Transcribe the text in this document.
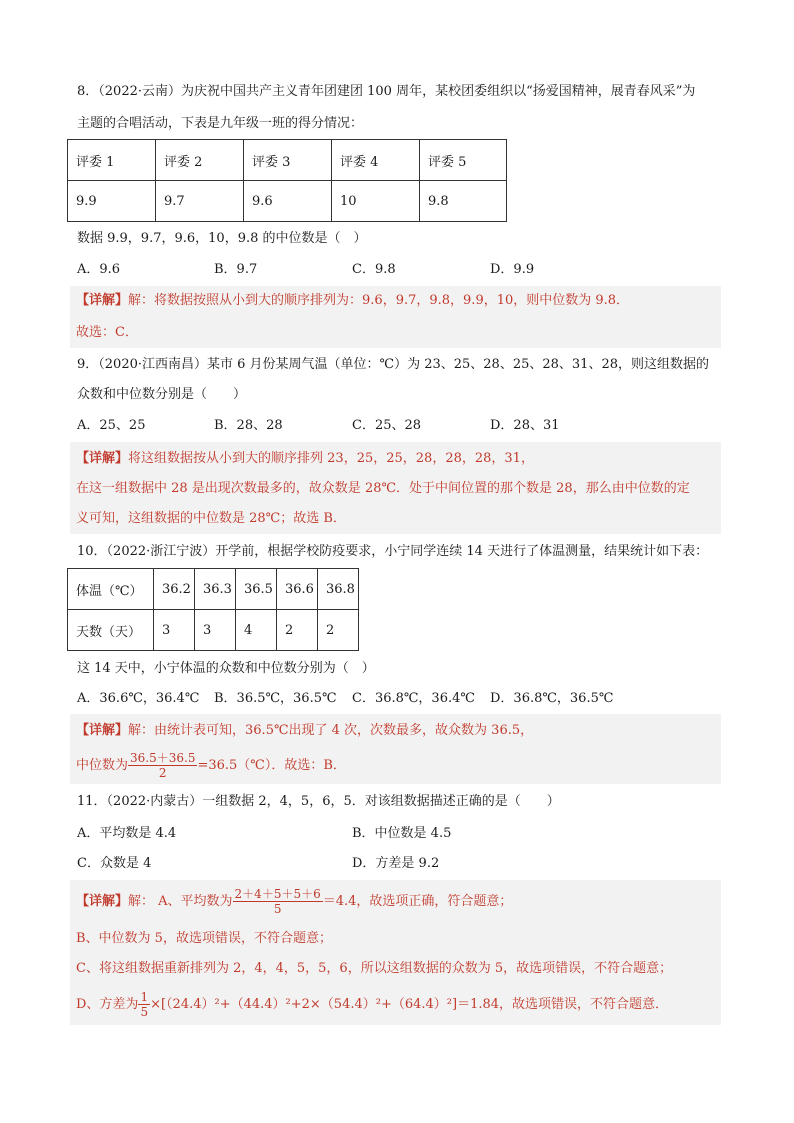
8．（2022·云南）为庆祝中国共产主义青年团建团 100 周年，某校团委组织以“扬爱国精神，展青春风采”为
主题的合唱活动，下表是九年级一班的得分情况：
评委 1	评委 2	评委 3	评委 4	评委 5
9.9	9.7	9.6	10	9.8
数据 9.9，9.7，9.6，10，9.8 的中位数是（　）
A．9.6	B．9.7	C．9.8	D．9.9
【详解】解：将数据按照从小到大的顺序排列为：9.6，9.7，9.8，9.9，10，则中位数为 9.8．
故选：C．
9．（2020·江西南昌）某市 6 月份某周气温（单位：℃）为 23、25、28、25、28、31、28，则这组数据的
众数和中位数分别是（　　）
A．25、25	B．28、28	C．25、28	D．28、31
【详解】将这组数据按从小到大的顺序排列 23，25，25，28，28，28，31，
在这一组数据中 28 是出现次数最多的，故众数是 28℃．处于中间位置的那个数是 28，那么由中位数的定
义可知，这组数据的中位数是 28℃；故选 B．
10．（2022·浙江宁波）开学前，根据学校防疫要求，小宁同学连续 14 天进行了体温测量，结果统计如下表：
体温（℃）	36.2	36.3	36.5	36.6	36.8
天数（天）	3	3	4	2	2
这 14 天中，小宁体温的众数和中位数分别为（　）
A．36.6℃，36.4℃ B．36.5℃，36.5℃ C．36.8℃，36.4℃ D．36.8℃，36.5℃
【详解】解：由统计表可知，36.5℃出现了 4 次，次数最多，故众数为 36.5，
中位数为 $\frac{36.5+36.5}{2}$ =36.5（℃）．故选：B．
11．（2022·内蒙古）一组数据 2，4，5，6，5．对该组数据描述正确的是（　　）
A．平均数是 4.4	B．中位数是 4.5
C．众数是 4	D．方差是 9.2
【详解】解： A、平均数为 $\frac{2+4+5+5+6}{5} =4.4$，故选项正确，符合题意；
B、中位数为 5，故选项错误，不符合题意；
C、将这组数据重新排列为 2，4，4，5，5，6，所以这组数据的众数为 5，故选项错误，不符合题意；
D、方差为 $\frac{1}{5} \times[(24.4)^2+(44.4)^2+2\times(54.4)^2+(64.4)^2]=1.84$，故选项错误，不符合题意．
